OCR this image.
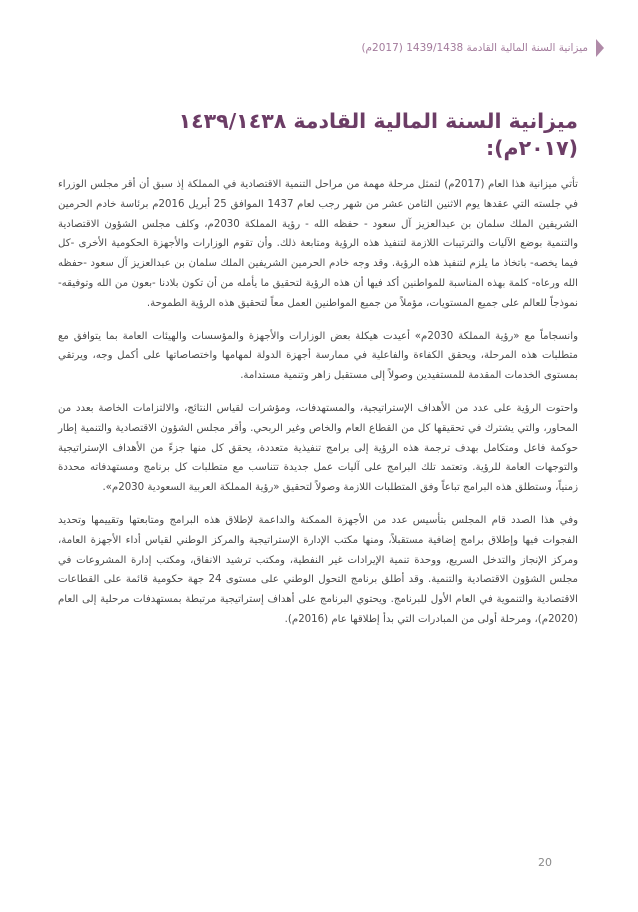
ميزانية السنة المالية القادمة 1439/1438 (2017م)
ميزانية السنة المالية القادمة ١٤٣٩/١٤٣٨
(٢٠١٧م):

تأتي ميزانية هذا العام (2017م) لتمثل مرحلة مهمة من مراحل التنمية الاقتصادية في المملكة إذ سبق أن أقر مجلس الوزراء في جلسته التي عقدها يوم الاثنين الثامن عشر من شهر رجب لعام 1437 الموافق 25 أبريل 2016م برئاسة خادم الحرمين الشريفين الملك سلمان بن عبدالعزيز آل سعود - حفظه الله - رؤية المملكة 2030م، وكلف مجلس الشؤون الاقتصادية والتنمية بوضع الآليات والترتيبات اللازمة لتنفيذ هذه الرؤية ومتابعة ذلك. وأن تقوم الوزارات والأجهزة الحكومية الأخرى -كل فيما يخصه- باتخاذ ما يلزم لتنفيذ هذه الرؤية. وقد وجه خادم الحرمين الشريفين الملك سلمان بن عبدالعزيز آل سعود -حفظه الله ورعاه- كلمة بهذه المناسبة للمواطنين أكد فيها أن هذه الرؤية لتحقيق ما يأمله من أن تكون بلادنا -بعون من الله وتوفيقه- نموذجاً للعالم على جميع المستويات، مؤملاً من جميع المواطنين العمل معاً لتحقيق هذه الرؤية الطموحة.

وانسجاماً مع «رؤية المملكة 2030م» أعيدت هيكلة بعض الوزارات والأجهزة والمؤسسات والهيئات العامة بما يتوافق مع متطلبات هذه المرحلة، ويحقق الكفاءة والفاعلية في ممارسة أجهزة الدولة لمهامها واختصاصاتها على أكمل وجه، ويرتقي بمستوى الخدمات المقدمة للمستفيدين وصولاً إلى مستقبل زاهر وتنمية مستدامة.

واحتوت الرؤية على عدد من الأهداف الإستراتيجية، والمستهدفات، ومؤشرات لقياس النتائج، والالتزامات الخاصة بعدد من المحاور، والتي يشترك في تحقيقها كل من القطاع العام والخاص وغير الربحي. وأقر مجلس الشؤون الاقتصادية والتنمية إطار حوكمة فاعل ومتكامل بهدف ترجمة هذه الرؤية إلى برامج تنفيذية متعددة، يحقق كل منها جزءً من الأهداف الإستراتيجية والتوجهات العامة للرؤية. وتعتمد تلك البرامج على آليات عمل جديدة تتناسب مع متطلبات كل برنامج ومستهدفاته محددة زمنياً، وستطلق هذه البرامج تباعاً وفق المتطلبات اللازمة وصولاً لتحقيق «رؤية المملكة العربية السعودية 2030م».

وفي هذا الصدد قام المجلس بتأسيس عدد من الأجهزة الممكنة والداعمة لإطلاق هذه البرامج ومتابعتها وتقييمها وتحديد الفجوات فيها وإطلاق برامج إضافية مستقبلاً، ومنها مكتب الإدارة الإستراتيجية والمركز الوطني لقياس أداء الأجهزة العامة، ومركز الإنجاز والتدخل السريع، ووحدة تنمية الإيرادات غير النفطية، ومكتب ترشيد الانفاق، ومكتب إدارة المشروعات في مجلس الشؤون الاقتصادية والتنمية. وقد أطلق برنامج التحول الوطني على مستوى 24 جهة حكومية قائمة على القطاعات الاقتصادية والتنموية في العام الأول للبرنامج. ويحتوي البرنامج على أهداف إستراتيجية مرتبطة بمستهدفات مرحلية إلى العام (2020م)، ومرحلة أولى من المبادرات التي بدأ إطلاقها عام (2016م).

20
